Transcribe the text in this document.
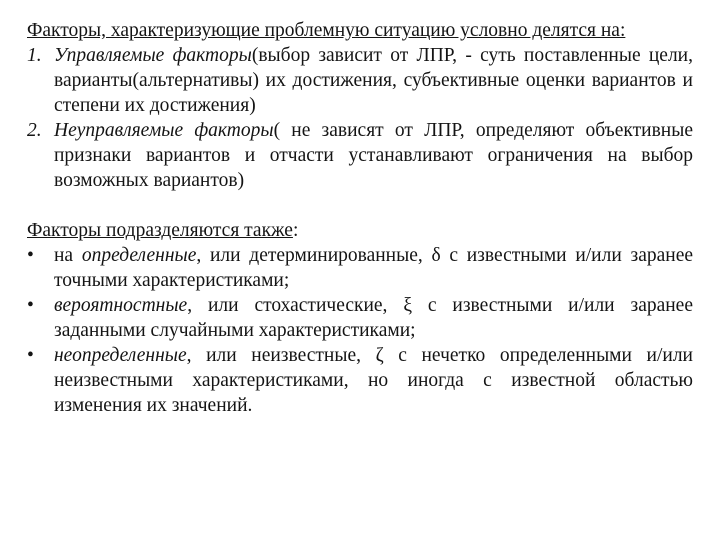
Факторы, характеризующие проблемную ситуацию условно делятся на:

1. Управляемые факторы(выбор зависит от ЛПР, - суть поставленные цели, варианты(альтернативы) их достижения, субъективные оценки вариантов и степени их достижения)
2. Неуправляемые факторы( не зависят от ЛПР, определяют объективные признаки вариантов и отчасти устанавливают ограничения на выбор возможных вариантов)

Факторы подразделяются также:

•	на определенные, или детерминированные, δ с известными и/или заранее точными характеристиками;
•	вероятностные, или стохастические, ξ с известными и/или заранее заданными случайными характеристиками;
•	неопределенные, или неизвестные, ζ с нечетко определенными и/или неизвестными характеристиками, но иногда с известной областью изменения их значений.
